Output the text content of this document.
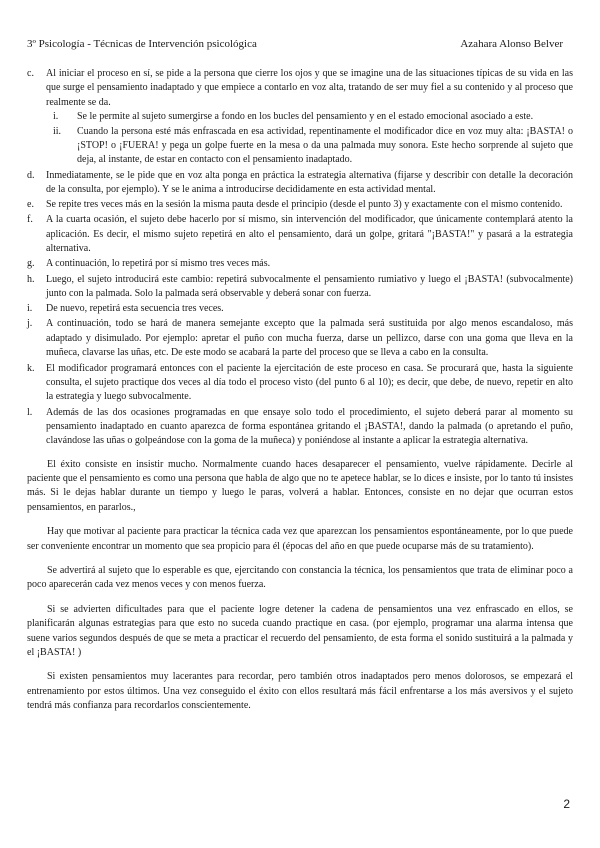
3º Psicología - Técnicas de Intervención psicológica	Azahara Alonso Belver
c. Al iniciar el proceso en sí, se pide a la persona que cierre los ojos y que se imagine una de las situaciones típicas de su vida en las que surge el pensamiento inadaptado y que empiece a contarlo en voz alta, tratando de ser muy fiel a su contenido y al proceso que realmente se da.
i. Se le permite al sujeto sumergirse a fondo en los bucles del pensamiento y en el estado emocional asociado a este.
ii. Cuando la persona esté más enfrascada en esa actividad, repentinamente el modificador dice en voz muy alta: ¡BASTA! o ¡STOP! o ¡FUERA! y pega un golpe fuerte en la mesa o da una palmada muy sonora. Este hecho sorprende al sujeto que deja, al instante, de estar en contacto con el pensamiento inadaptado.
d. Inmediatamente, se le pide que en voz alta ponga en práctica la estrategia alternativa (fijarse y describir con detalle la decoración de la consulta, por ejemplo). Y se le anima a introducirse decididamente en esta actividad mental.
e. Se repite tres veces más en la sesión la misma pauta desde el principio (desde el punto 3) y exactamente con el mismo contenido.
f. A la cuarta ocasión, el sujeto debe hacerlo por sí mismo, sin intervención del modificador, que únicamente contemplará atento la aplicación. Es decir, el mismo sujeto repetirá en alto el pensamiento, dará un golpe, gritará "¡BASTA!" y pasará a la estrategia alternativa.
g. A continuación, lo repetirá por sí mismo tres veces más.
h. Luego, el sujeto introducirá este cambio: repetirá subvocalmente el pensamiento rumiativo y luego el ¡BASTA! (subvocalmente) junto con la palmada. Solo la palmada será observable y deberá sonar con fuerza.
i. De nuevo, repetirá esta secuencia tres veces.
j. A continuación, todo se hará de manera semejante excepto que la palmada será sustituida por algo menos escandaloso, más adaptado y disimulado. Por ejemplo: apretar el puño con mucha fuerza, darse un pellizco, darse con una goma que lleva en la muñeca, clavarse las uñas, etc. De este modo se acabará la parte del proceso que se lleva a cabo en la consulta.
k. El modificador programará entonces con el paciente la ejercitación de este proceso en casa. Se procurará que, hasta la siguiente consulta, el sujeto practique dos veces al día todo el proceso visto (del punto 6 al 10); es decir, que debe, de nuevo, repetir en alto la estrategia y luego subvocalmente.
l. Además de las dos ocasiones programadas en que ensaye solo todo el procedimiento, el sujeto deberá parar al momento su pensamiento inadaptado en cuanto aparezca de forma espontánea gritando el ¡BASTA!, dando la palmada (o apretando el puño, clavándose las uñas o golpeándose con la goma de la muñeca) y poniéndose al instante a aplicar la estrategia alternativa.

El éxito consiste en insistir mucho. Normalmente cuando haces desaparecer el pensamiento, vuelve rápidamente. Decirle al paciente que el pensamiento es como una persona que habla de algo que no te apetece hablar, se lo dices e insiste, por lo tanto tú insistes más. Si le dejas hablar durante un tiempo y luego le paras, volverá a hablar. Entonces, consiste en no dejar que ocurran estos pensamientos, en pararlos.,

Hay que motivar al paciente para practicar la técnica cada vez que aparezcan los pensamientos espontáneamente, por lo que puede ser conveniente encontrar un momento que sea propicio para él (épocas del año en que puede ocuparse más de su tratamiento).

Se advertirá al sujeto que lo esperable es que, ejercitando con constancia la técnica, los pensamientos que trata de eliminar poco a poco aparecerán cada vez menos veces y con menos fuerza.

Si se advierten dificultades para que el paciente logre detener la cadena de pensamientos una vez enfrascado en ellos, se planificarán algunas estrategias para que esto no suceda cuando practique en casa. (por ejemplo, programar una alarma intensa que suene varios segundos después de que se meta a practicar el recuerdo del pensamiento, de esta forma el sonido sustituirá a la palmada y el ¡BASTA! )

Si existen pensamientos muy lacerantes para recordar, pero también otros inadaptados pero menos dolorosos, se empezará el entrenamiento por estos últimos. Una vez conseguido el éxito con ellos resultará más fácil enfrentarse a los más aversivos y el sujeto tendrá más confianza para recordarlos conscientemente.

2
